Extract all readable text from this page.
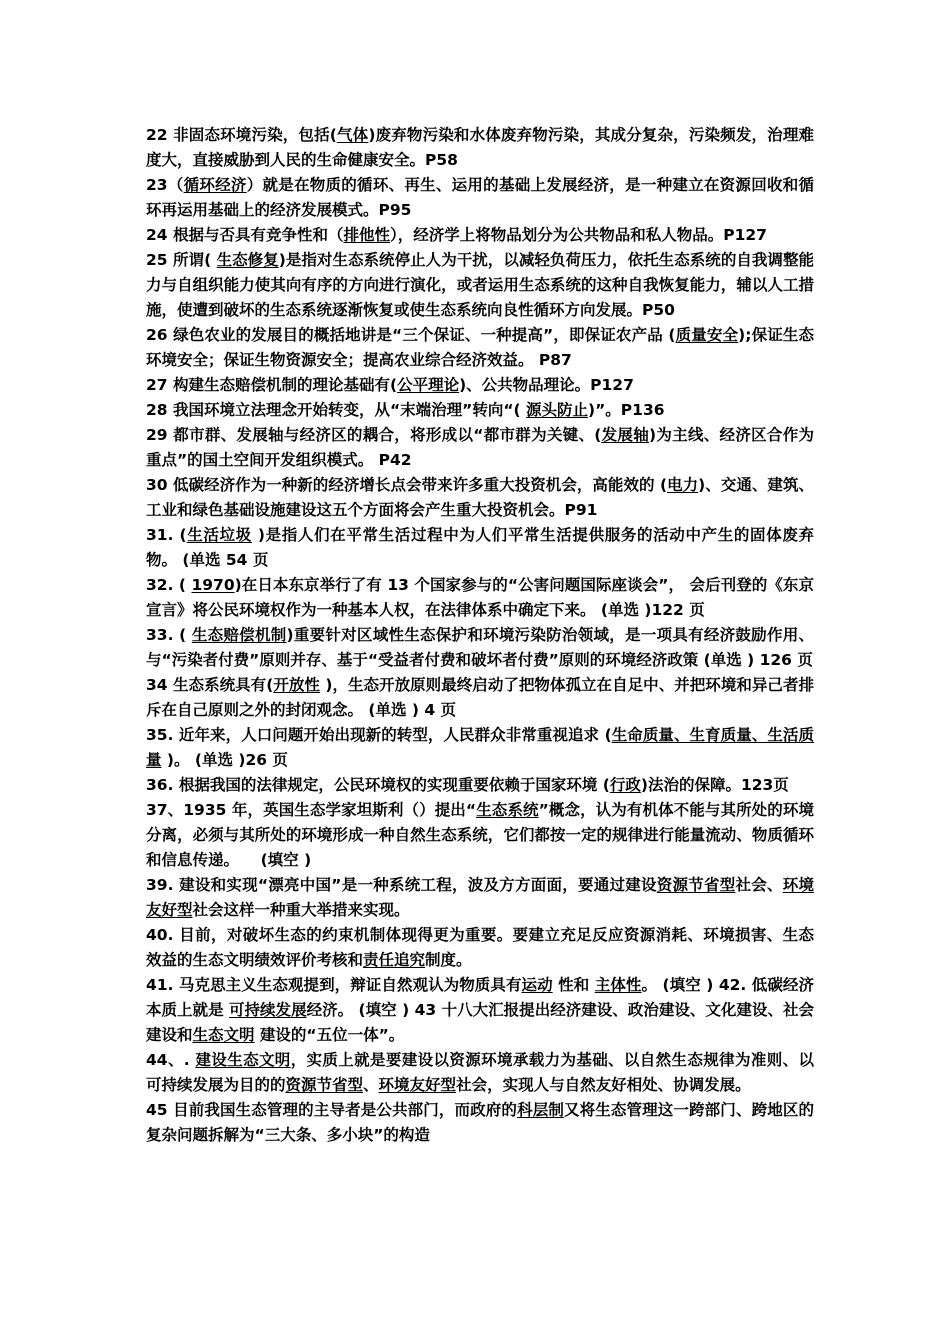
22 非固态环境污染，包括(气体)废弃物污染和水体废弃物污染，其成分复杂，污染频发，治理难度大，直接威胁到人民的生命健康安全。P58

23（循环经济）就是在物质的循环、再生、运用的基础上发展经济，是一种建立在资源回收和循环再运用基础上的经济发展模式。P95

24 根据与否具有竞争性和（排他性），经济学上将物品划分为公共物品和私人物品。P127

25 所谓( 生态修复)是指对生态系统停止人为干扰，以减轻负荷压力，依托生态系统的自我调整能力与自组织能力使其向有序的方向进行演化，或者运用生态系统的这种自我恢复能力，辅以人工措施，使遭到破坏的生态系统逐渐恢复或使生态系统向良性循环方向发展。P50

26 绿色农业的发展目的概括地讲是“三个保证、一种提高”，即保证农产品 (质量安全);保证生态环境安全；保证生物资源安全；提高农业综合经济效益。 P87

27 构建生态赔偿机制的理论基础有(公平理论)、公共物品理论。P127

28 我国环境立法理念开始转变，从“末端治理”转向“( 源头防止)”。P136

29 都市群、发展轴与经济区的耦合，将形成以“都市群为关键、(发展轴)为主线、经济区合作为重点”的国土空间开发组织模式。 P42

30 低碳经济作为一种新的经济增长点会带来许多重大投资机会，高能效的 (电力)、交通、建筑、工业和绿色基础设施建设这五个方面将会产生重大投资机会。P91

31. (生活垃圾 )是指人们在平常生活过程中为人们平常生活提供服务的活动中产生的固体废弃物。 (单选 54 页

32. ( 1970)在日本东京举行了有 13 个国家参与的“公害问题国际座谈会”， 会后刊登的《东京宣言》将公民环境权作为一种基本人权，在法律体系中确定下来。 (单选 )122 页

33. ( 生态赔偿机制)重要针对区域性生态保护和环境污染防治领域，是一项具有经济鼓励作用、与“污染者付费”原则并存、基于“受益者付费和破坏者付费”原则的环境经济政策 (单选 ) 126 页

34 生态系统具有(开放性 )，生态开放原则最终启动了把物体孤立在自足中、并把环境和异己者排斥在自己原则之外的封闭观念。 (单选 ) 4 页

35. 近年来，人口问题开始出现新的转型，人民群众非常重视追求 (生命质量、生育质量、生活质量 )。 (单选 )26 页

36. 根据我国的法律规定，公民环境权的实现重要依赖于国家环境 (行政)法治的保障。123页

37、1935 年，英国生态学家坦斯利（）提出“生态系统”概念，认为有机体不能与其所处的环境分离，必须与其所处的环境形成一种自然生态系统，它们都按一定的规律进行能量流动、物质循环和信息传递。    (填空 )

39. 建设和实现“漂亮中国”是一种系统工程，波及方方面面，要通过建设资源节省型社会、环境友好型社会这样一种重大举措来实现。

40. 目前，对破坏生态的约束机制体现得更为重要。要建立充足反应资源消耗、环境损害、生态效益的生态文明绩效评价考核和责任追究制度。

41. 马克思主义生态观提到，辩证自然观认为物质具有运动 性和 主体性。 (填空 ) 42. 低碳经济本质上就是 可持续发展经济。 (填空 ) 43 十八大汇报提出经济建设、政治建设、文化建设、社会建设和生态文明 建设的“五位一体”。

44、. 建设生态文明，实质上就是要建设以资源环境承载力为基础、以自然生态规律为准则、以可持续发展为目的的资源节省型、环境友好型社会，实现人与自然友好相处、协调发展。

45 目前我国生态管理的主导者是公共部门，而政府的科层制又将生态管理这一跨部门、跨地区的复杂问题拆解为“三大条、多小块”的构造
